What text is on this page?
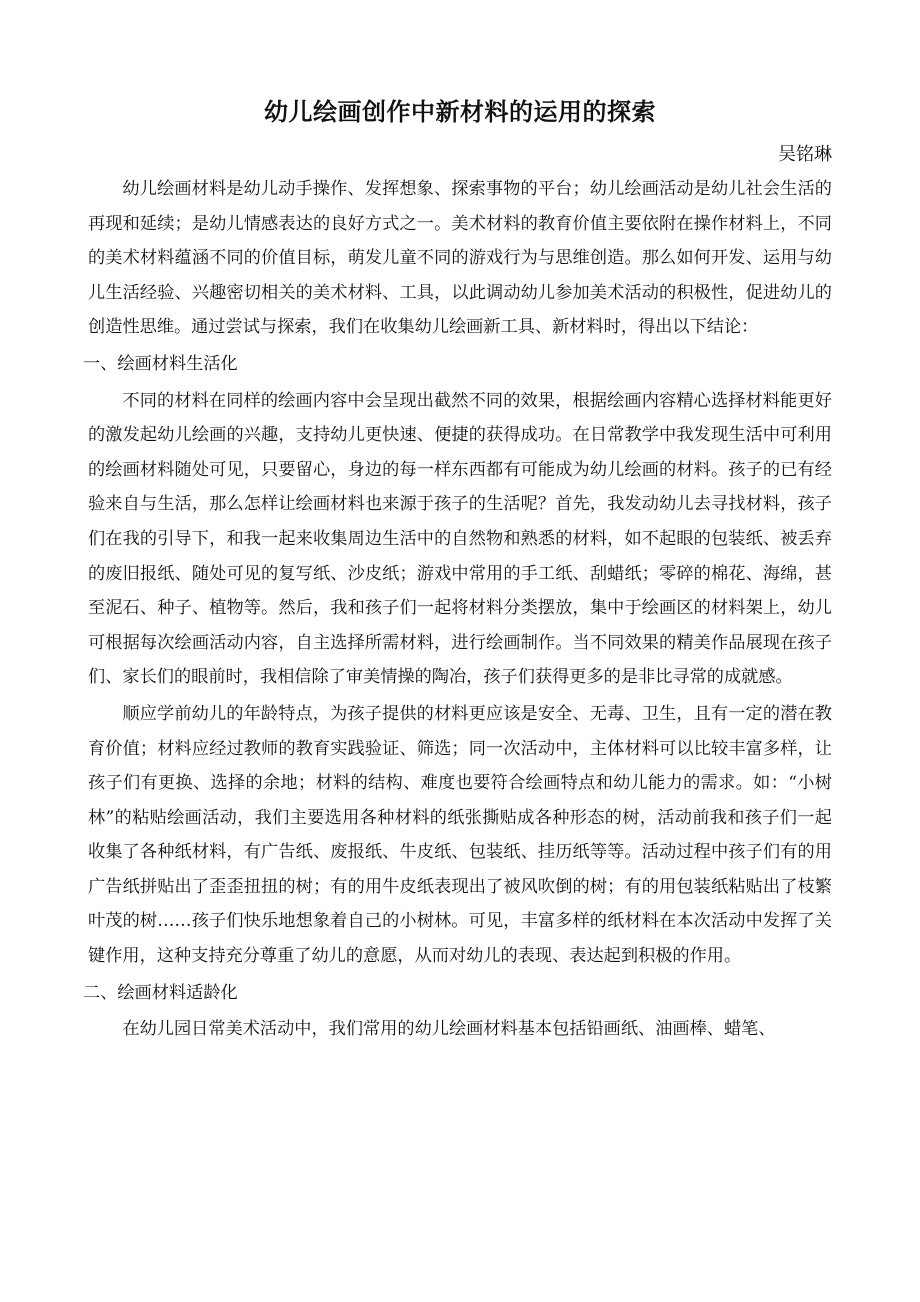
幼儿绘画创作中新材料的运用的探索
吴铭琳

幼儿绘画材料是幼儿动手操作、发挥想象、探索事物的平台；幼儿绘画活动是幼儿社会生活的再现和延续；是幼儿情感表达的良好方式之一。美术材料的教育价值主要依附在操作材料上，不同的美术材料蕴涵不同的价值目标，萌发儿童不同的游戏行为与思维创造。那么如何开发、运用与幼儿生活经验、兴趣密切相关的美术材料、工具，以此调动幼儿参加美术活动的积极性，促进幼儿的创造性思维。通过尝试与探索，我们在收集幼儿绘画新工具、新材料时，得出以下结论：

一、绘画材料生活化

不同的材料在同样的绘画内容中会呈现出截然不同的效果，根据绘画内容精心选择材料能更好的激发起幼儿绘画的兴趣，支持幼儿更快速、便捷的获得成功。在日常教学中我发现生活中可利用的绘画材料随处可见，只要留心，身边的每一样东西都有可能成为幼儿绘画的材料。孩子的已有经验来自与生活，那么怎样让绘画材料也来源于孩子的生活呢？首先，我发动幼儿去寻找材料，孩子们在我的引导下，和我一起来收集周边生活中的自然物和熟悉的材料，如不起眼的包装纸、被丢弃的废旧报纸、随处可见的复写纸、沙皮纸；游戏中常用的手工纸、刮蜡纸；零碎的棉花、海绵，甚至泥石、种子、植物等。然后，我和孩子们一起将材料分类摆放，集中于绘画区的材料架上，幼儿可根据每次绘画活动内容，自主选择所需材料，进行绘画制作。当不同效果的精美作品展现在孩子们、家长们的眼前时，我相信除了审美情操的陶冶，孩子们获得更多的是非比寻常的成就感。

顺应学前幼儿的年龄特点，为孩子提供的材料更应该是安全、无毒、卫生，且有一定的潜在教育价值；材料应经过教师的教育实践验证、筛选；同一次活动中，主体材料可以比较丰富多样，让孩子们有更换、选择的余地；材料的结构、难度也要符合绘画特点和幼儿能力的需求。如：“小树林”的粘贴绘画活动，我们主要选用各种材料的纸张撕贴成各种形态的树，活动前我和孩子们一起收集了各种纸材料，有广告纸、废报纸、牛皮纸、包装纸、挂历纸等等。活动过程中孩子们有的用广告纸拼贴出了歪歪扭扭的树；有的用牛皮纸表现出了被风吹倒的树；有的用包装纸粘贴出了枝繁叶茂的树……孩子们快乐地想象着自己的小树林。可见，丰富多样的纸材料在本次活动中发挥了关键作用，这种支持充分尊重了幼儿的意愿，从而对幼儿的表现、表达起到积极的作用。

二、绘画材料适龄化

在幼儿园日常美术活动中，我们常用的幼儿绘画材料基本包括铅画纸、油画棒、蜡笔、
